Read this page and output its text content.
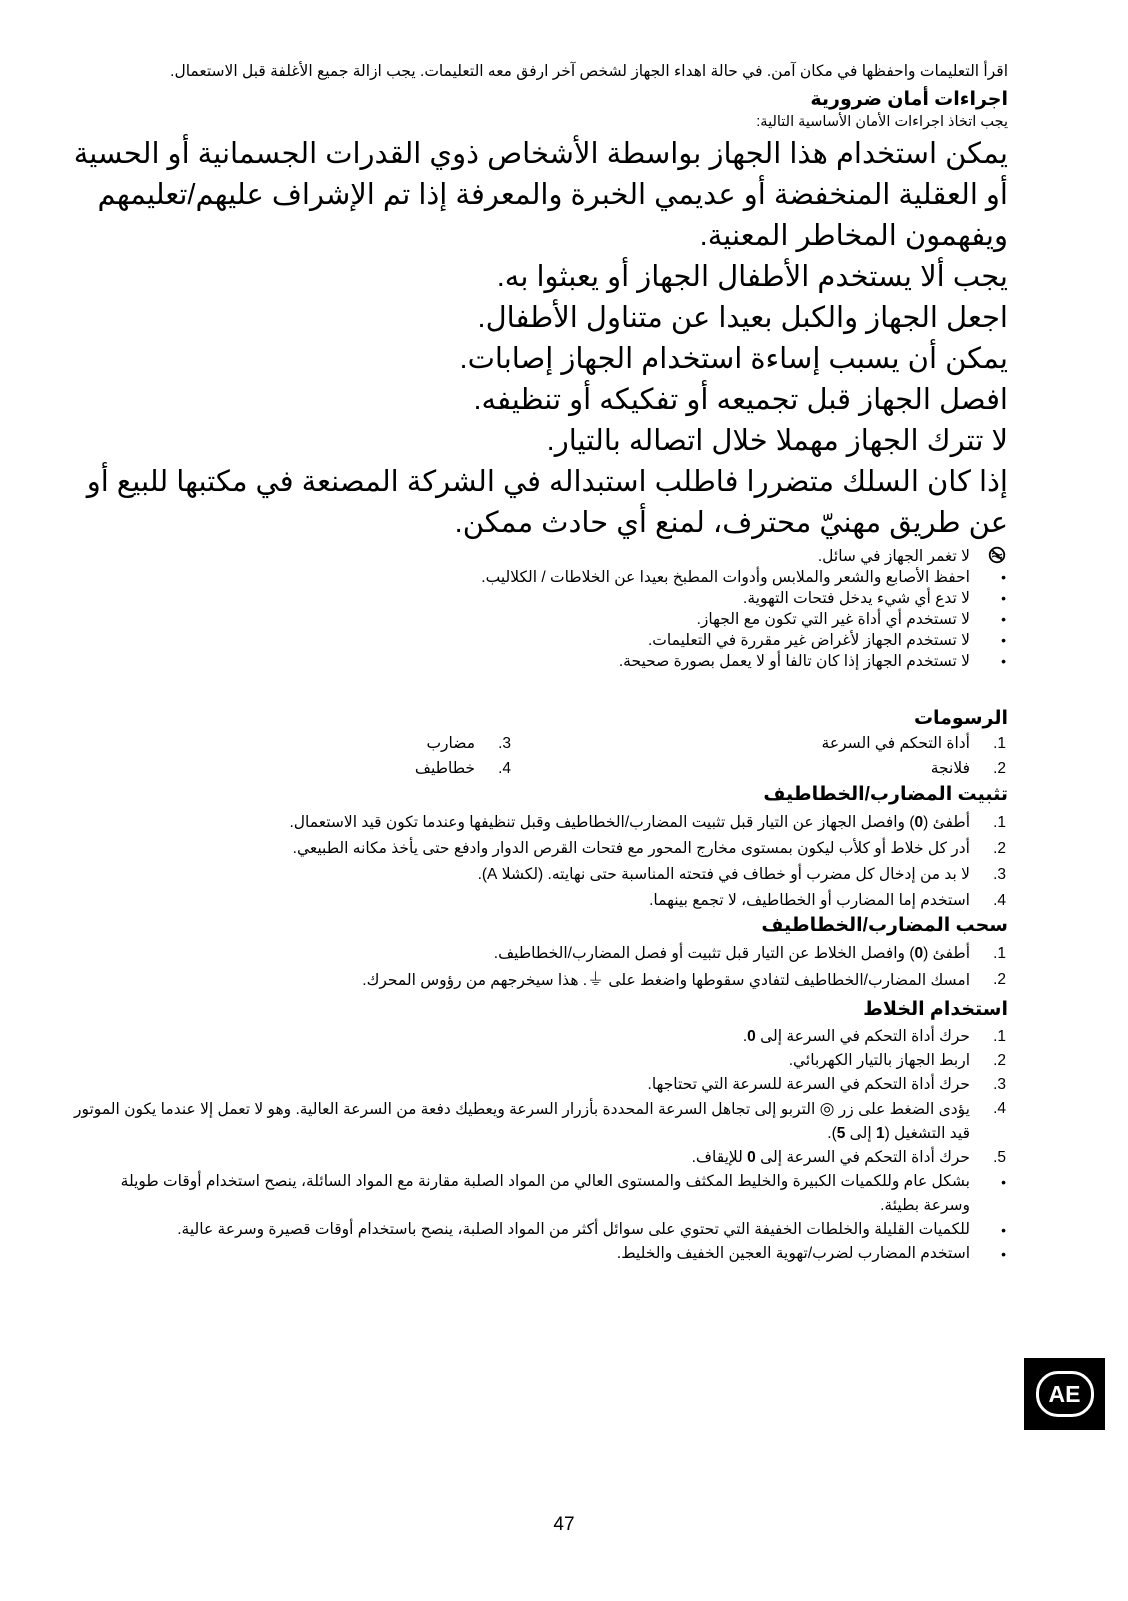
اقرأ التعليمات واحفظها في مكان آمن. في حالة اهداء الجهاز لشخص آخر ارفق معه التعليمات. يجب ازالة جميع الأغلفة قبل الاستعمال.
اجراءات أمان ضرورية
يجب اتخاذ اجراءات الأمان الأساسية التالية:

يمكن استخدام هذا الجهاز بواسطة الأشخاص ذوي القدرات الجسمانية أو الحسية أو العقلية المنخفضة أو عديمي الخبرة والمعرفة إذا تم الإشراف عليهم/تعليمهم ويفهمون المخاطر المعنية.

يجب ألا يستخدم الأطفال الجهاز أو يعبثوا به.

اجعل الجهاز والكبل بعيدا عن متناول الأطفال.

يمكن أن يسبب إساءة استخدام الجهاز إصابات.

افصل الجهاز قبل تجميعه أو تفكيكه أو تنظيفه.

لا تترك الجهاز مهملا خلال اتصاله بالتيار.

إذا كان السلك متضررا فاطلب استبداله في الشركة المصنعة في مكتبها للبيع أو عن طريق مهنيّ محترف، لمنع أي حادث ممكن.

لا تغمر الجهاز في سائل.
•
احفظ الأصابع والشعر والملابس وأدوات المطبخ بعيدا عن الخلاطات / الكلاليب.
•
لا تدع أي شيء يدخل فتحات التهوية.
•
لا تستخدم أي أداة غير التي تكون مع الجهاز.
•
لا تستخدم الجهاز لأغراض غير مقررة في التعليمات.
•
لا تستخدم الجهاز إذا كان تالفا أو لا يعمل بصورة صحيحة.
الرسومات
1.
أداة التحكم في السرعة
2.
فلانجة
3.
مضارب
4.
خطاطيف
تثبيت المضارب/الخطاطيف
1.
أطفئ (0) وافصل الجهاز عن التيار قبل تثبيت المضارب/الخطاطيف وقبل تنظيفها وعندما تكون قيد الاستعمال.
2.
أدر كل خلاط أو كلأب ليكون بمستوى مخارج المحور مع فتحات القرص الدوار وادفع حتى يأخذ مكانه الطبيعي.
3.
لا بد من إدخال كل مضرب أو خطاف في فتحته المناسبة حتى نهايته. (لكشلا A).
4.
استخدم إما المضارب أو الخطاطيف، لا تجمع بينهما.
سحب المضارب/الخطاطيف
1.
أطفئ (0) وافصل الخلاط عن التيار قبل تثبيت أو فصل المضارب/الخطاطيف.
2.
امسك المضارب/الخطاطيف لتفادي سقوطها واضغط على ⏚. هذا سيخرجهم من رؤوس المحرك.
استخدام الخلاط
1.
حرك أداة التحكم في السرعة إلى 0.
2.
اربط الجهاز بالتيار الكهربائي.
3.
حرك أداة التحكم في السرعة للسرعة التي تحتاجها.
4.
يؤدى الضغط على زر ◎ التربو إلى تجاهل السرعة المحددة بأزرار السرعة ويعطيك دفعة من السرعة العالية. وهو لا تعمل إلا عندما يكون الموتور قيد التشغيل (1 إلى 5).
5.
حرك أداة التحكم في السرعة إلى 0 للإيقاف.
•
بشكل عام وللكميات الكبيرة والخليط المكثف والمستوى العالي من المواد الصلبة مقارنة مع المواد السائلة، ينصح استخدام أوقات طويلة وسرعة بطيئة.
•
للكميات القليلة والخلطات الخفيفة التي تحتوي على سوائل أكثر من المواد الصلبة، ينصح باستخدام أوقات قصيرة وسرعة عالية.
•
استخدم المضارب لضرب/تهوية العجين الخفيف والخليط.
AE
47
